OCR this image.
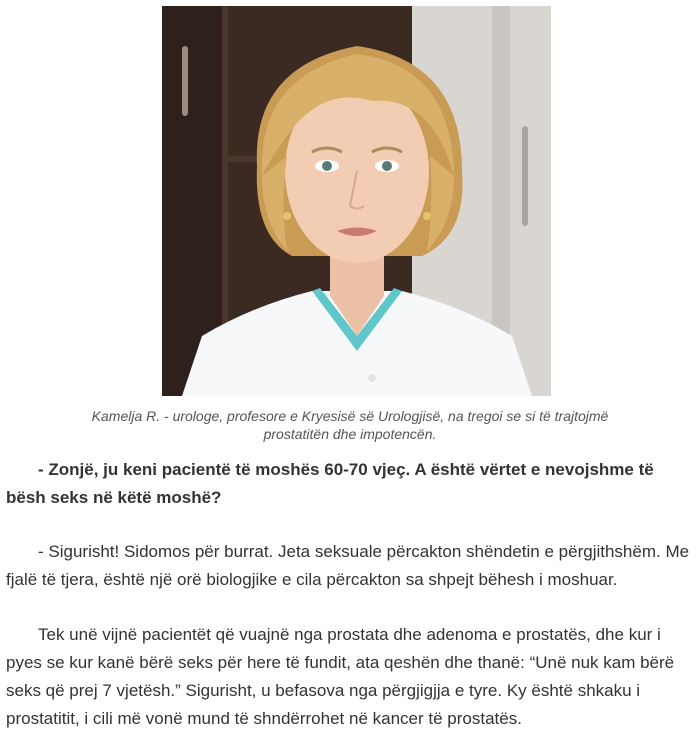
Kamelja R. - urologe, profesore e Kryesisë së Urologjisë, na tregoi se si të trajtojmë prostatitën dhe impotencën.
- Zonjë, ju keni pacientë të moshës 60-70 vjeç. A është vërtet e nevojshme të bësh seks në këtë moshë?
- Sigurisht! Sidomos për burrat. Jeta seksuale përcakton shëndetin e përgjithshëm. Me fjalë të tjera, është një orë biologjike e cila përcakton sa shpejt bëhesh i moshuar.
Tek unë vijnë pacientët që vuajnë nga prostata dhe adenoma e prostatës, dhe kur i pyes se kur kanë bërë seks për here të fundit, ata qeshën dhe thanë: “Unë nuk kam bërë seks që prej 7 vjetësh.” Sigurisht, u befasova nga përgjigjja e tyre. Ky është shkaku i prostatitit, i cili më vonë mund të shndërrohet në kancer të prostatës.
